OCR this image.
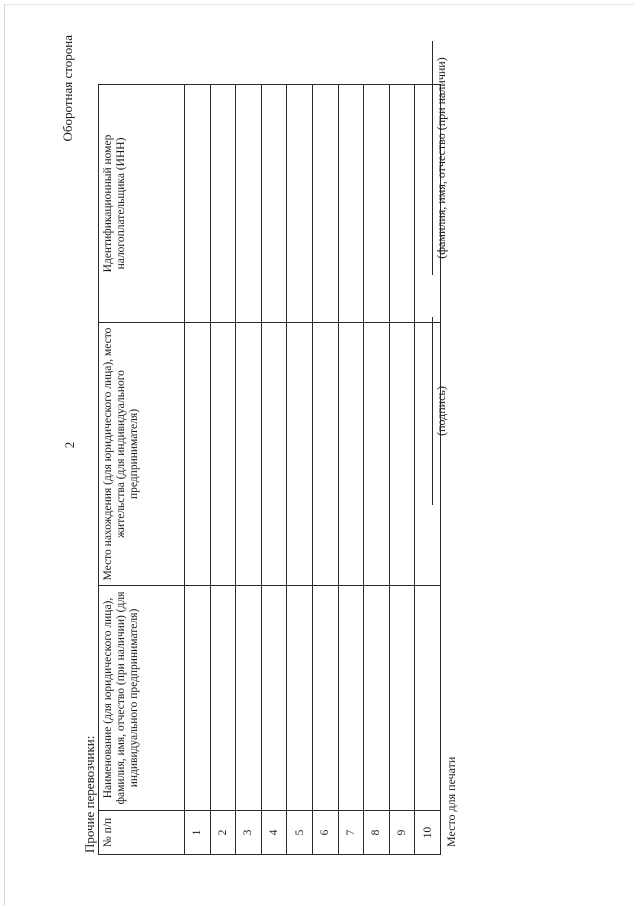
Оборотная сторона
2
Прочие перевозчики: № п/п	Наименование (для юридического лица), фамилия, имя, отчество (при наличии) (для индивидуального предпринимателя)	Место нахождения (для юридического лица), место жительства (для индивидуального предпринимателя)	Идентификационный номер налогоплательщика (ИНН)
1			
2			
3			
4			
5			
6			
7			
8			
9			
10			Место для печати
(подпись)
(фамилия, имя, отчество (при наличии)
